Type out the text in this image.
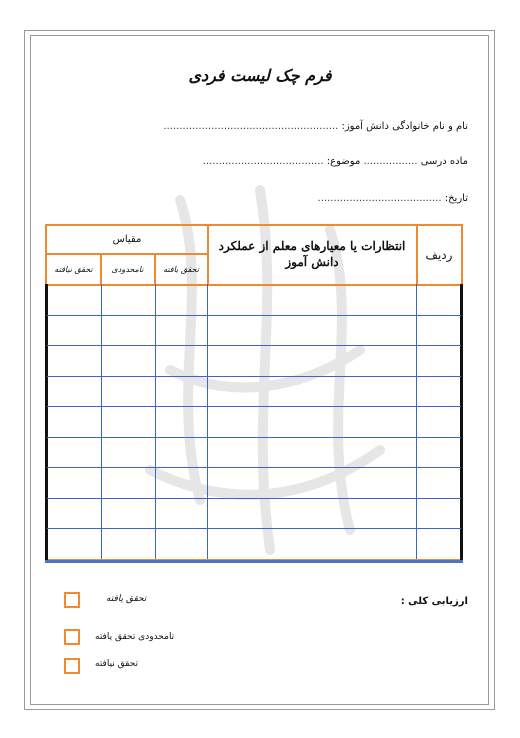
فرم چک لیست فردی
نام و نام خانوادگی دانش آموز: .......................................................
ماده درسی ................. موضوع: ......................................
تاریخ: .......................................
ردیف
انتظارات یا معیارهای معلم از عملکرد دانش آموز
مقیاس
تحقق یافته
نامحدودی
تحقق نیافته
ارزیابی کلی :
تحقق یافته
تامحدودی تحقق یافته
تحقق نیافته
